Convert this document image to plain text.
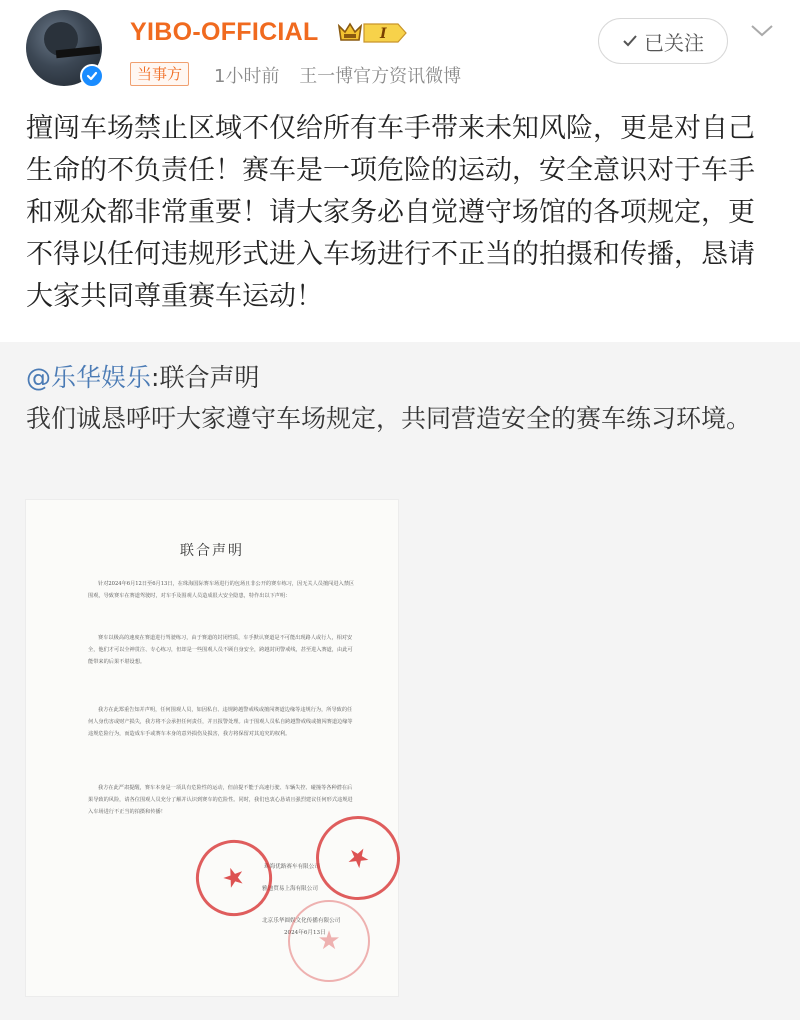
YIBO-OFFICIAL	I
当事方	1小时前 王一博官方资讯微博
已关注
擅闯车场禁止区域不仅给所有车手带来未知风险，更是对自己生命的不负责任！赛车是一项危险的运动，安全意识对于车手和观众都非常重要！请大家务必自觉遵守场馆的各项规定，更不得以任何违规形式进入车场进行不正当的拍摄和传播，恳请大家共同尊重赛车运动！
@乐华娱乐:联合声明
我们诚恳呼吁大家遵守车场规定，共同营造安全的赛车练习环境。
联合声明
针对2024年6月12日至6月13日，在珠海国际赛车场进行的包场且非公开的赛车练习，因无关人员擅闯进入禁区围观，导致赛车在赛道驾驶时，对车手及围观人员造成很大安全隐患，特作出以下声明：
赛车以极高的速度在赛道进行驾驶练习，由于赛道的封闭性质，车手默认赛道是不可能出现路人或行人，相对安全，他们才可以全神贯注、专心练习，但却是一些围观人员不顾自身安全，跨越封闭警戒线，甚至进入赛道，由此可能带来的后果不堪设想。
我方在此郑重告知并声明，任何围观人员，如因私自、违规跨越警戒线或擅闯赛道边缘等违规行为，所导致的任何人身伤害或财产损失，我方将不会承担任何责任，并且报警处理。由于围观人员私自跨越警戒线或擅闯赛道边缘等违规危险行为，而造成车手或赛车本身的意外损伤及损害，我方将保留对其追究的权利。
我方在此严肃提醒，赛车本身是一项具有危险性的运动，但前提不能于高速行驶、车辆失控、碰撞等各种潜在后果导致的风险，请各位围观人员充分了解并认识到赛车的危险性。同时，我们也衷心恳请且强烈建议任何形式违规进入车场进行不正当的拍摄和传播！
珠海优路赛车有限公司
雅迪贸易上海有限公司
北京乐华圆娱文化传播有限公司
2024年6月13日
★
★
★
